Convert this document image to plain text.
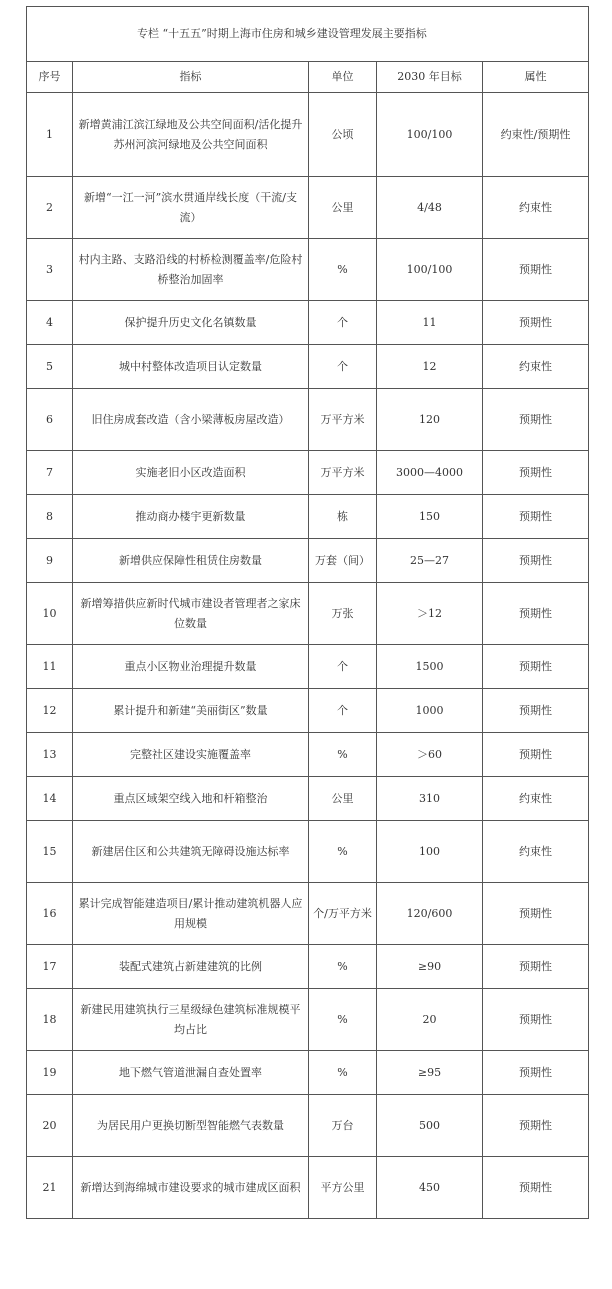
专栏 “十五五”时期上海市住房和城乡建设管理发展主要指标				
序号	指标	单位	2030 年目标	属性
1	新增黄浦江滨江绿地及公共空间面积/活化提升苏州河滨河绿地及公共空间面积	公顷	100/100	约束性/预期性
2	新增“一江一河”滨水贯通岸线长度（干流/支流）	公里	4/48	约束性
3	村内主路、支路沿线的村桥检测覆盖率/危险村桥整治加固率	%	100/100	预期性
4	保护提升历史文化名镇数量	个	11	预期性
5	城中村整体改造项目认定数量	个	12	约束性
6	旧住房成套改造（含小梁薄板房屋改造）	万平方米	120	预期性
7	实施老旧小区改造面积	万平方米	3000—4000	预期性
8	推动商办楼宇更新数量	栋	150	预期性
9	新增供应保障性租赁住房数量	万套（间）	25—27	预期性
10	新增筹措供应新时代城市建设者管理者之家床位数量	万张	＞12	预期性
11	重点小区物业治理提升数量	个	1500	预期性
12	累计提升和新建“美丽街区”数量	个	1000	预期性
13	完整社区建设实施覆盖率	%	＞60	预期性
14	重点区域架空线入地和杆箱整治	公里	310	约束性
15	新建居住区和公共建筑无障碍设施达标率	%	100	约束性
16	累计完成智能建造项目/累计推动建筑机器人应用规模	个/万平方米	120/600	预期性
17	装配式建筑占新建建筑的比例	%	≥90	预期性
18	新建民用建筑执行三星级绿色建筑标准规模平均占比	%	20	预期性
19	地下燃气管道泄漏自查处置率	%	≥95	预期性
20	为居民用户更换切断型智能燃气表数量	万台	500	预期性
21	新增达到海绵城市建设要求的城市建成区面积	平方公里	450	预期性
